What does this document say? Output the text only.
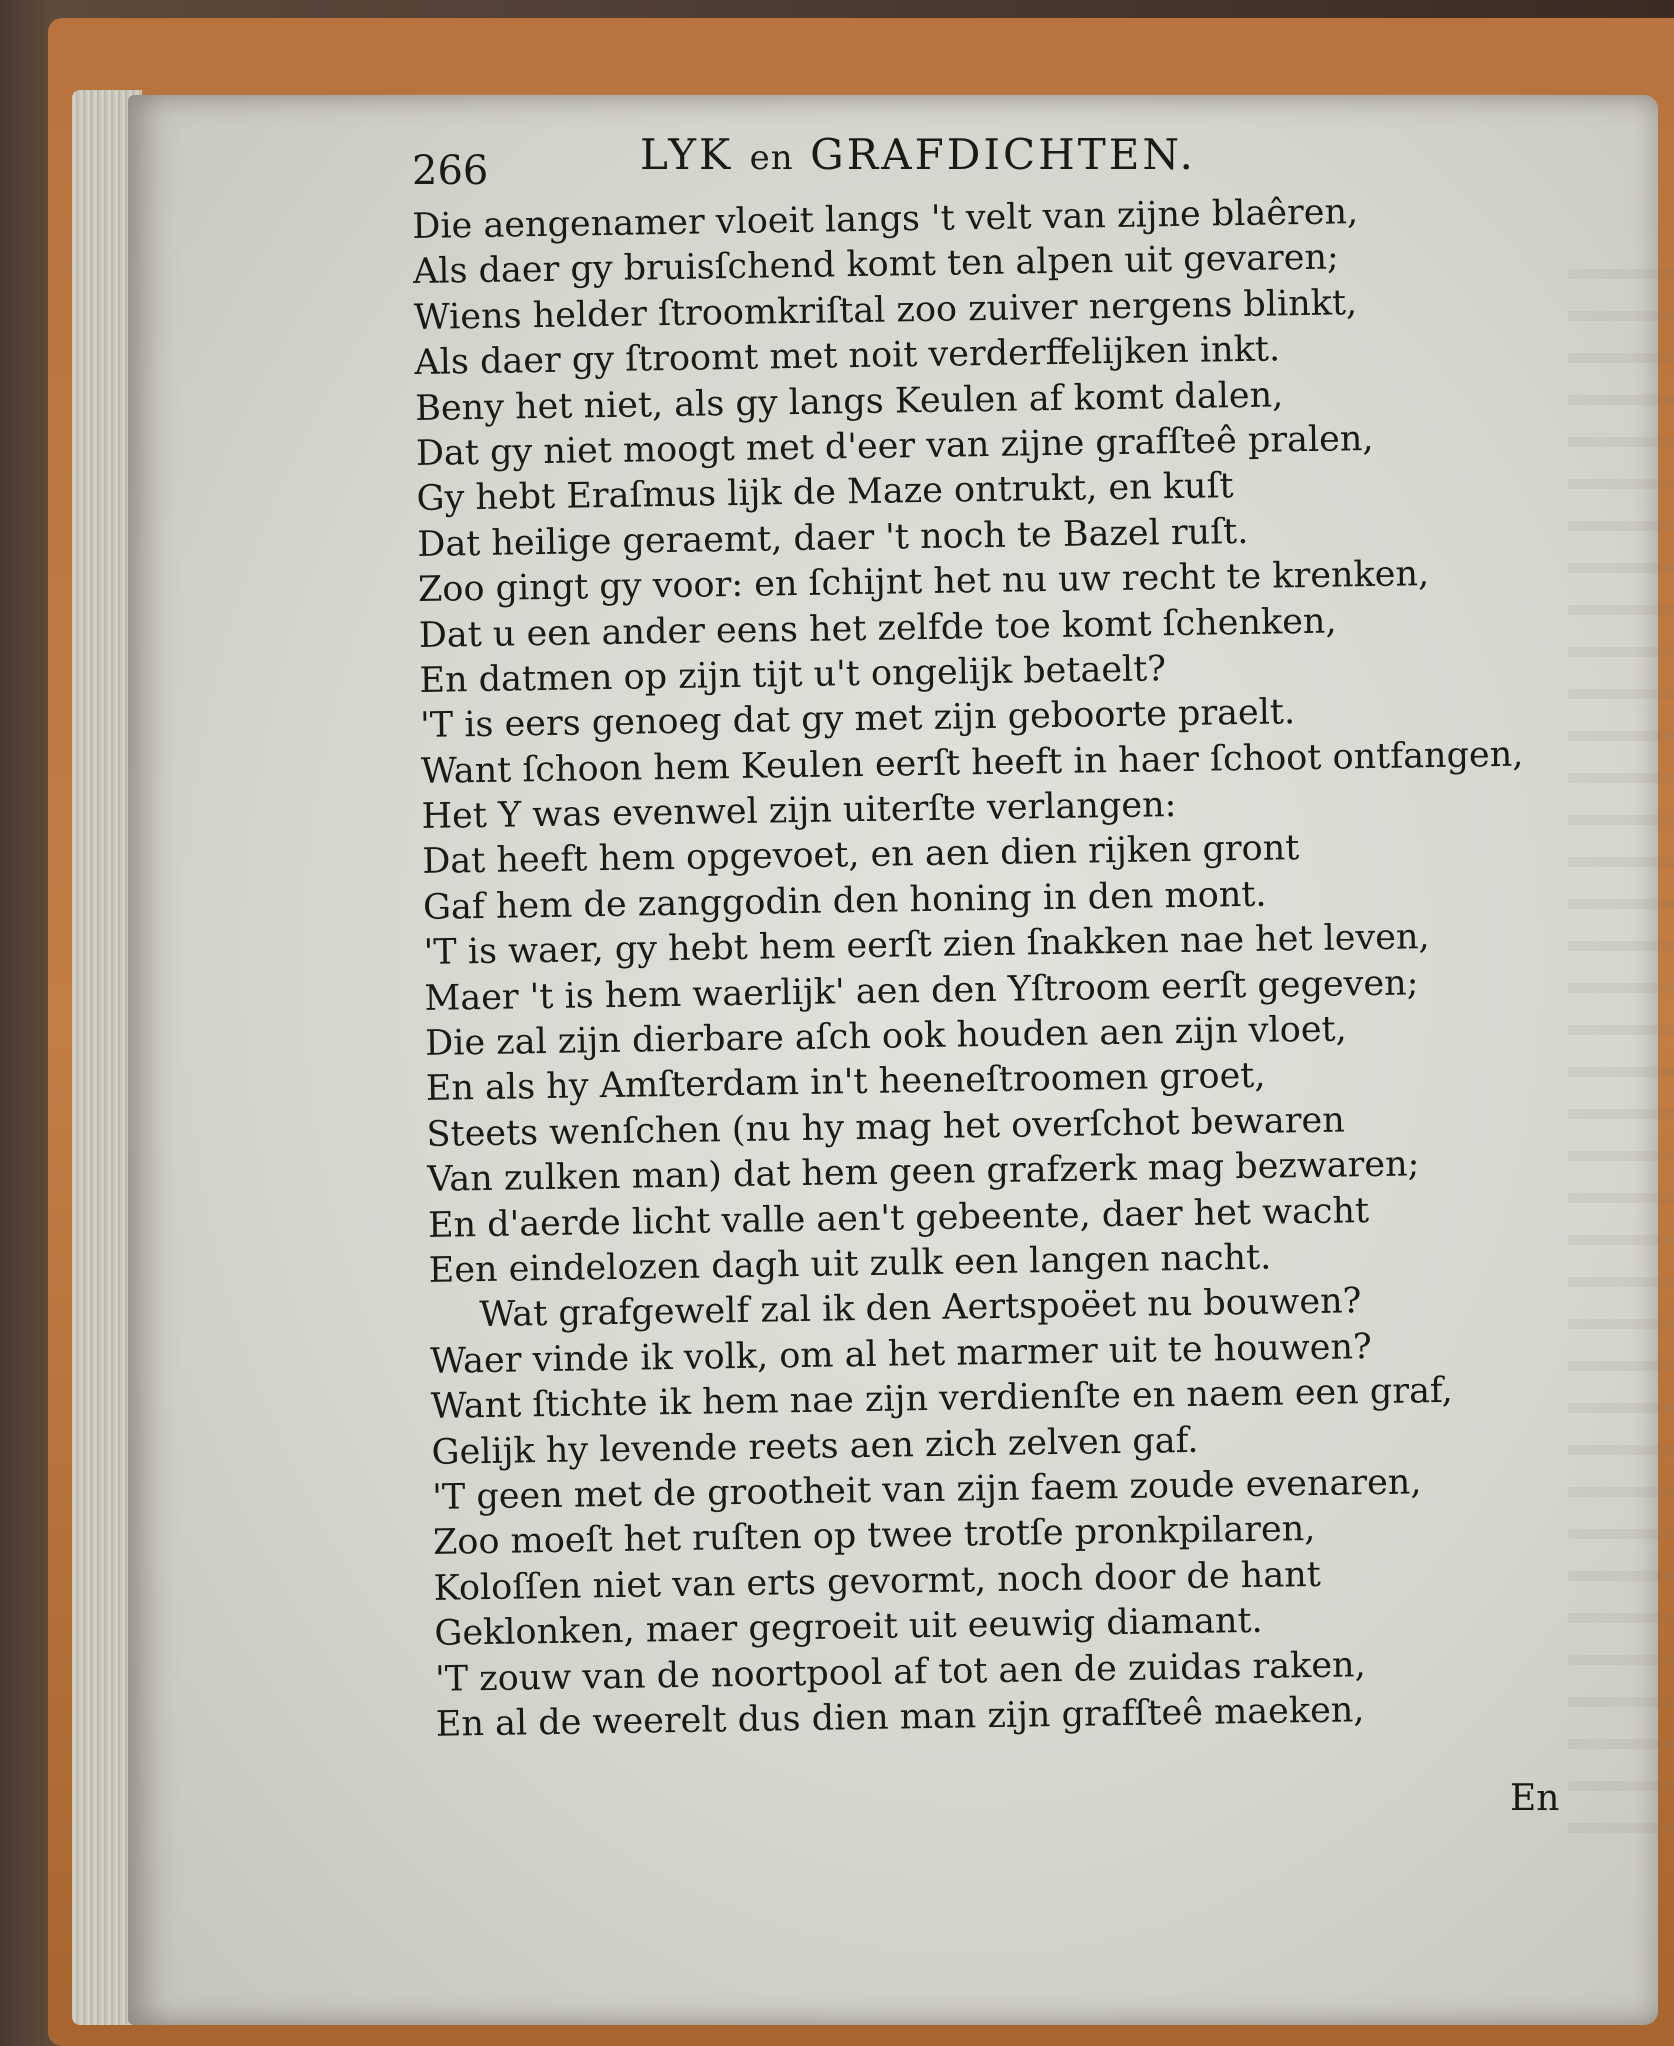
266	LYK en GRAFDICHTEN.
Die aengenamer vloeit langs 't velt van zijne blaêren,
Als daer gy bruisſchend komt ten alpen uit gevaren;
Wiens helder ſtroomkriſtal zoo zuiver nergens blinkt,
Als daer gy ſtroomt met noit verderffelijken inkt.
Beny het niet, als gy langs Keulen af komt dalen,
Dat gy niet moogt met d'eer van zijne grafſteê pralen,
Gy hebt Eraſmus lijk de Maze ontrukt, en kuſt
Dat heilige geraemt, daer 't noch te Bazel ruſt.
Zoo gingt gy voor: en ſchijnt het nu uw recht te krenken,
Dat u een ander eens het zelfde toe komt ſchenken,
En datmen op zijn tijt u't ongelijk betaelt?
'T is eers genoeg dat gy met zijn geboorte praelt.
Want ſchoon hem Keulen eerſt heeft in haer ſchoot ontfangen,
Het Y was evenwel zijn uiterſte verlangen:
Dat heeft hem opgevoet, en aen dien rijken gront
Gaf hem de zanggodin den honing in den mont.
'T is waer, gy hebt hem eerſt zien ſnakken nae het leven,
Maer 't is hem waerlijk' aen den Yſtroom eerſt gegeven;
Die zal zijn dierbare aſch ook houden aen zijn vloet,
En als hy Amſterdam in't heeneſtroomen groet,
Steets wenſchen (nu hy mag het overſchot bewaren
Van zulken man) dat hem geen grafzerk mag bezwaren;
En d'aerde licht valle aen't gebeente, daer het wacht
Een eindelozen dagh uit zulk een langen nacht.
Wat grafgewelf zal ik den Aertspoëet nu bouwen?
Waer vinde ik volk, om al het marmer uit te houwen?
Want ſtichte ik hem nae zijn verdienſte en naem een graf,
Gelijk hy levende reets aen zich zelven gaf.
'T geen met de grootheit van zijn faem zoude evenaren,
Zoo moeſt het ruſten op twee trotſe pronkpilaren,
Koloſſen niet van erts gevormt, noch door de hant
Geklonken, maer gegroeit uit eeuwig diamant.
'T zouw van de noortpool af tot aen de zuidas raken,
En al de weerelt dus dien man zijn grafſteê maeken,
En
